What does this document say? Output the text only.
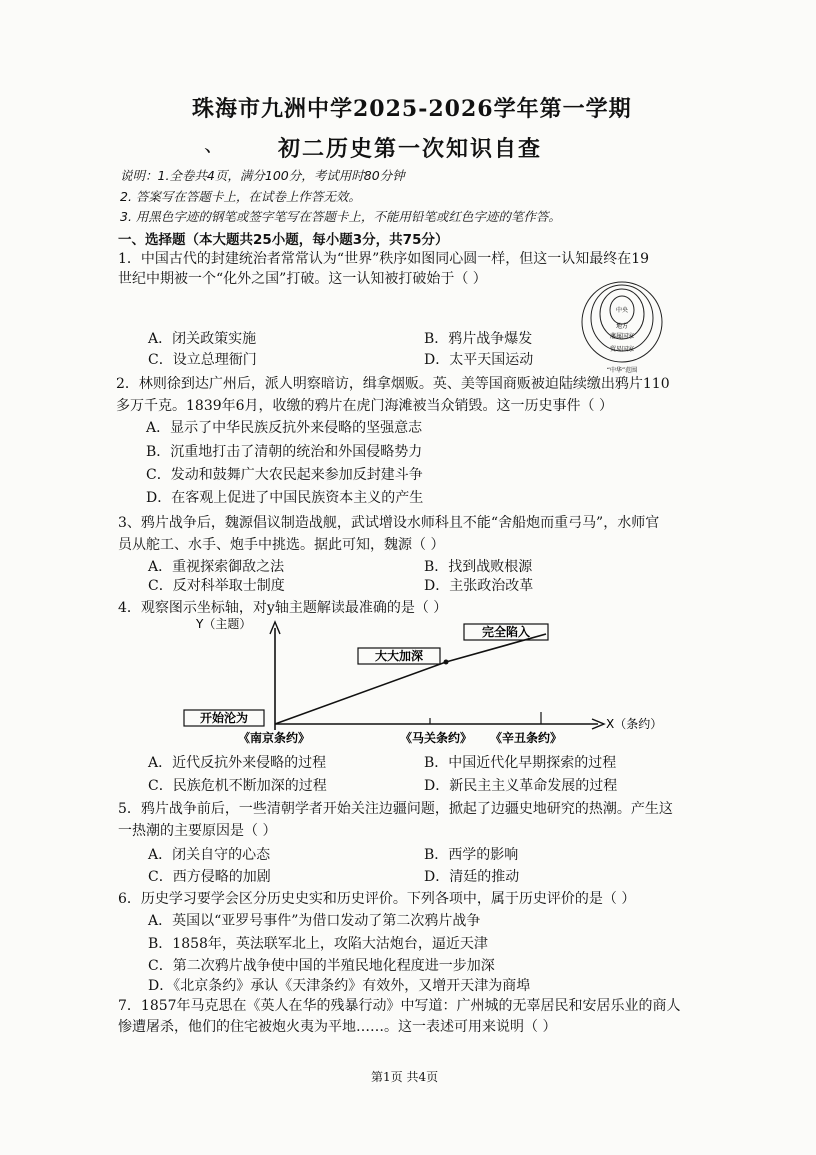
珠海市九洲中学2025-2026学年第一学期
、 初二历史第一次知识自查
说明：1.全卷共4页，满分100分，考试用时80分钟
2. 答案写在答题卡上，在试卷上作答无效。
3. 用黑色字迹的钢笔或签字笔写在答题卡上，不能用铅笔或红色字迹的笔作答。
一、选择题（本大题共25小题，每小题3分，共75分）
1．中国古代的封建统治者常常认为“世界”秩序如图同心圆一样，但这一认知最终在19
世纪中期被一个“化外之国”打破。这一认知被打破始于（ ）
中央
地方
藩属国家
贸易国家
“中华”范围
A．闭关政策实施	B．鸦片战争爆发
C．设立总理衙门	D．太平天国运动
2．林则徐到达广州后，派人明察暗访，缉拿烟贩。英、美等国商贩被迫陆续缴出鸦片110
多万千克。1839年6月，收缴的鸦片在虎门海滩被当众销毁。这一历史事件（ ）
A．显示了中华民族反抗外来侵略的坚强意志
B．沉重地打击了清朝的统治和外国侵略势力
C．发动和鼓舞广大农民起来参加反封建斗争
D．在客观上促进了中国民族资本主义的产生
3、鸦片战争后，魏源倡议制造战舰，武试增设水师科且不能“舍船炮而重弓马”，水师官
员从舵工、水手、炮手中挑选。据此可知，魏源（ ）
A．重视探索御敌之法	B．找到战败根源
C．反对科举取士制度	D．主张政治改革
4．观察图示坐标轴，对y轴主题解读最准确的是（ ）
Y（主题）
X（条约）
开始沦为
大大加深
完全陷入
《南京条约》	《马关条约》 《辛丑条约》
A．近代反抗外来侵略的过程	B．中国近代化早期探索的过程
C．民族危机不断加深的过程	D．新民主主义革命发展的过程
5．鸦片战争前后，一些清朝学者开始关注边疆问题，掀起了边疆史地研究的热潮。产生这
一热潮的主要原因是（ ）
A．闭关自守的心态	B．西学的影响
C．西方侵略的加剧	D．清廷的推动
6．历史学习要学会区分历史史实和历史评价。下列各项中，属于历史评价的是（ ）
A．英国以“亚罗号事件”为借口发动了第二次鸦片战争
B．1858年，英法联军北上，攻陷大沽炮台，逼近天津
C．第二次鸦片战争使中国的半殖民地化程度进一步加深
D．《北京条约》承认《天津条约》有效外，又增开天津为商埠
7．1857年马克思在《英人在华的残暴行动》中写道：广州城的无辜居民和安居乐业的商人
惨遭屠杀，他们的住宅被炮火夷为平地……。这一表述可用来说明（ ）
第1页 共4页
